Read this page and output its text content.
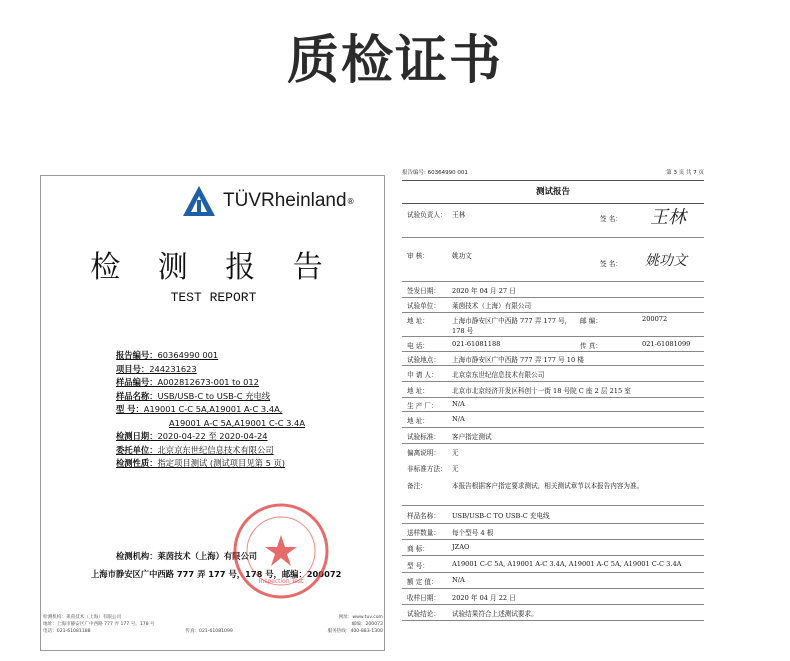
质检证书
TÜVRheinland ®
检 测 报 告
TEST REPORT
报告编号：60364990 001
项目号：244231623
样品编号：A002812673-001 to 012
样品名称：USB/USB-C to USB-C 充电线
型 号：A19001 C-C 5A,A19001 A-C 3.4A,
A19001 A-C 5A,A19001 C-C 3.4A
检测日期：2020-04-22 至 2020-04-24
委托单位：北京京东世纪信息技术有限公司
检测性质：指定项目测试 (测试项目见第 5 页)
检测机构：莱茵技术（上海）有限公司
上海市静安区广中西路 777 弄 177 号，178 号，邮编：200072
Inspection Test
检测机构：莱茵技术（上海）有限公司	网址：www.tuv.com
地址：上海市静安区广中西路 777 弄 177 号，178 号	邮编：200072
电话：021-61081188	传真：021-61081099	服务热线：400-883-1300
报告编号: 60364990 001	第 3 页 共 7 页
测试报告
试验负责人： 王林	签 名： 王林
审 核：	姚功文
签 名： 姚功文
签发日期： 2020 年 04 月 27 日
试验单位： 莱茵技术（上海）有限公司
地 址：	上海市静安区广中西路 777 弄 177 号，
178 号
邮 编：	200072
电 话：	021-61081188	传 真：	021-61081099
试验地点： 上海市静安区广中西路 777 弄 177 号 10 楼
申 请 人： 北京京东世纪信息技术有限公司
地 址：	北京市北京经济开发区科创十一街 18 号院 C 座 2 层 215 室
生 产 厂： N/A
地 址：	N/A
试验标准： 客户指定测试
偏离说明： 无
非标准方法： 无
备注：	本报告根据客户指定要求测试，相关测试章节以本报告内容为准。
样品名称： USB/USB-C TO USB-C 充电线
送样数量： 每个型号 4 根
商 标：	JZAO
型 号：	A19001 C-C 5A, A19001 A-C 3.4A, A19001 A-C 5A, A19001 C-C 3.4A
额 定 值： N/A
收样日期： 2020 年 04 月 22 日
试验结论： 试验结果符合上述测试要求。
